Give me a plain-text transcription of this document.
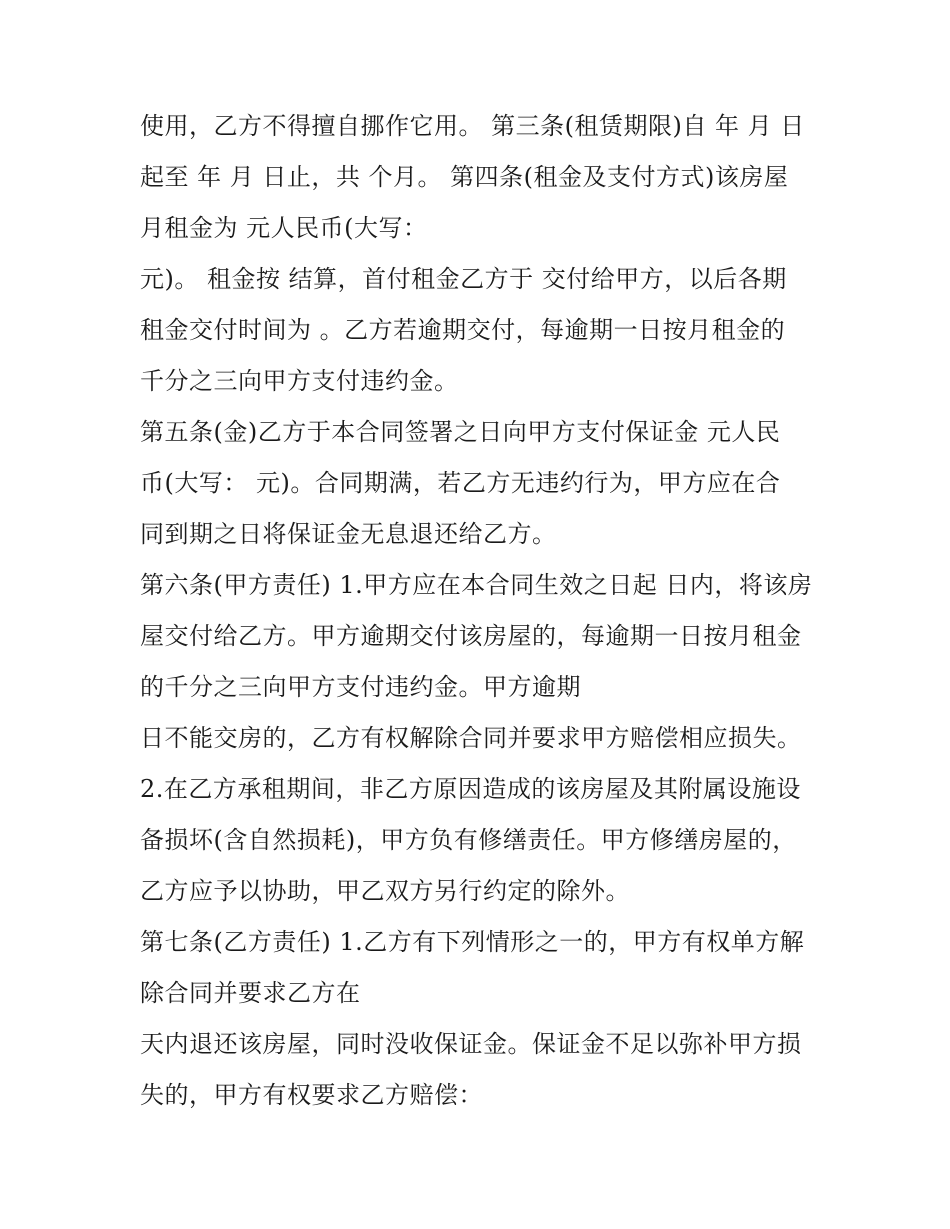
使用，乙方不得擅自挪作它用。 第三条(租赁期限)自 年 月 日
起至 年 月 日止，共 个月。 第四条(租金及支付方式)该房屋
月租金为 元人民币(大写：
元)。 租金按 结算，首付租金乙方于 交付给甲方，以后各期
租金交付时间为 。乙方若逾期交付，每逾期一日按月租金的
千分之三向甲方支付违约金。
第五条(金)乙方于本合同签署之日向甲方支付保证金 元人民
币(大写： 元)。合同期满，若乙方无违约行为，甲方应在合
同到期之日将保证金无息退还给乙方。
第六条(甲方责任) 1.甲方应在本合同生效之日起 日内，将该房
屋交付给乙方。甲方逾期交付该房屋的，每逾期一日按月租金
的千分之三向甲方支付违约金。甲方逾期
日不能交房的，乙方有权解除合同并要求甲方赔偿相应损失。
2.在乙方承租期间，非乙方原因造成的该房屋及其附属设施设
备损坏(含自然损耗)，甲方负有修缮责任。甲方修缮房屋的，
乙方应予以协助，甲乙双方另行约定的除外。
第七条(乙方责任) 1.乙方有下列情形之一的，甲方有权单方解
除合同并要求乙方在
天内退还该房屋，同时没收保证金。保证金不足以弥补甲方损
失的，甲方有权要求乙方赔偿：
